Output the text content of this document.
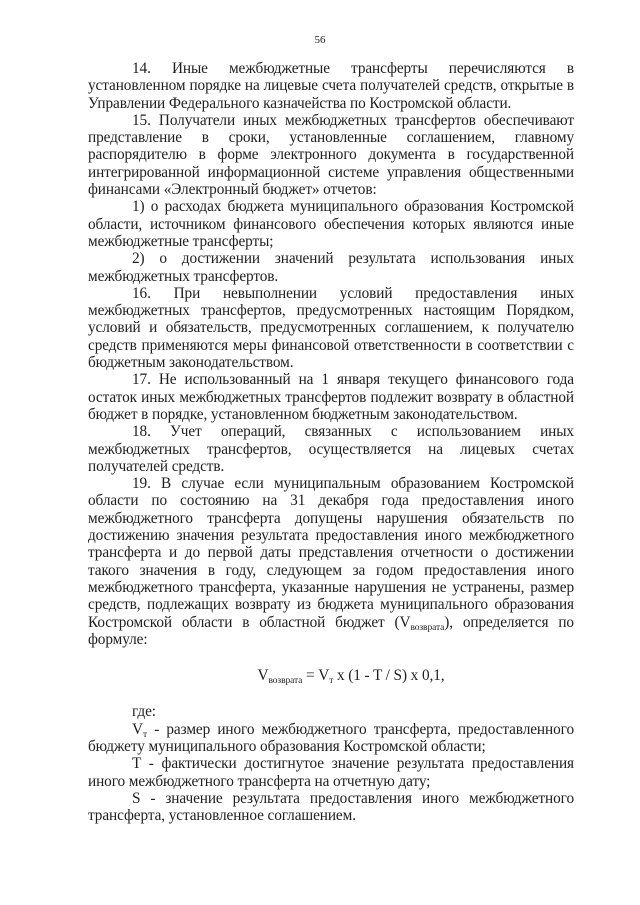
56

14. Иные межбюджетные трансферты перечисляются в установленном порядке на лицевые счета получателей средств, открытые в Управлении Федерального казначейства по Костромской области.

15. Получатели иных межбюджетных трансфертов обеспечивают представление в сроки, установленные соглашением, главному распорядителю в форме электронного документа в государственной интегрированной информационной системе управления общественными финансами «Электронный бюджет» отчетов:

1) о расходах бюджета муниципального образования Костромской области, источником финансового обеспечения которых являются иные межбюджетные трансферты;

2) о достижении значений результата использования иных межбюджетных трансфертов.

16. При невыполнении условий предоставления иных межбюджетных трансфертов, предусмотренных настоящим Порядком, условий и обязательств, предусмотренных соглашением, к получателю средств применяются меры финансовой ответственности в соответствии с бюджетным законодательством.

17. Не использованный на 1 января текущего финансового года остаток иных межбюджетных трансфертов подлежит возврату в областной бюджет в порядке, установленном бюджетным законодательством.

18. Учет операций, связанных с использованием иных межбюджетных трансфертов, осуществляется на лицевых счетах получателей средств.

19. В случае если муниципальным образованием Костромской области по состоянию на 31 декабря года предоставления иного межбюджетного трансферта допущены нарушения обязательств по достижению значения результата предоставления иного межбюджетного трансферта и до первой даты представления отчетности о достижении такого значения в году, следующем за годом предоставления иного межбюджетного трансферта, указанные нарушения не устранены, размер средств, подлежащих возврату из бюджета муниципального образования Костромской области в областной бюджет $(V_{возврата})$, определяется по формуле:

$V_{возврата} = V_т$ x (1 - T / S) x 0,1,

где:

$V_т$ - размер иного межбюджетного трансферта, предоставленного бюджету муниципального образования Костромской области;

T - фактически достигнутое значение результата предоставления иного межбюджетного трансферта на отчетную дату;

S - значение результата предоставления иного межбюджетного трансферта, установленное соглашением.
